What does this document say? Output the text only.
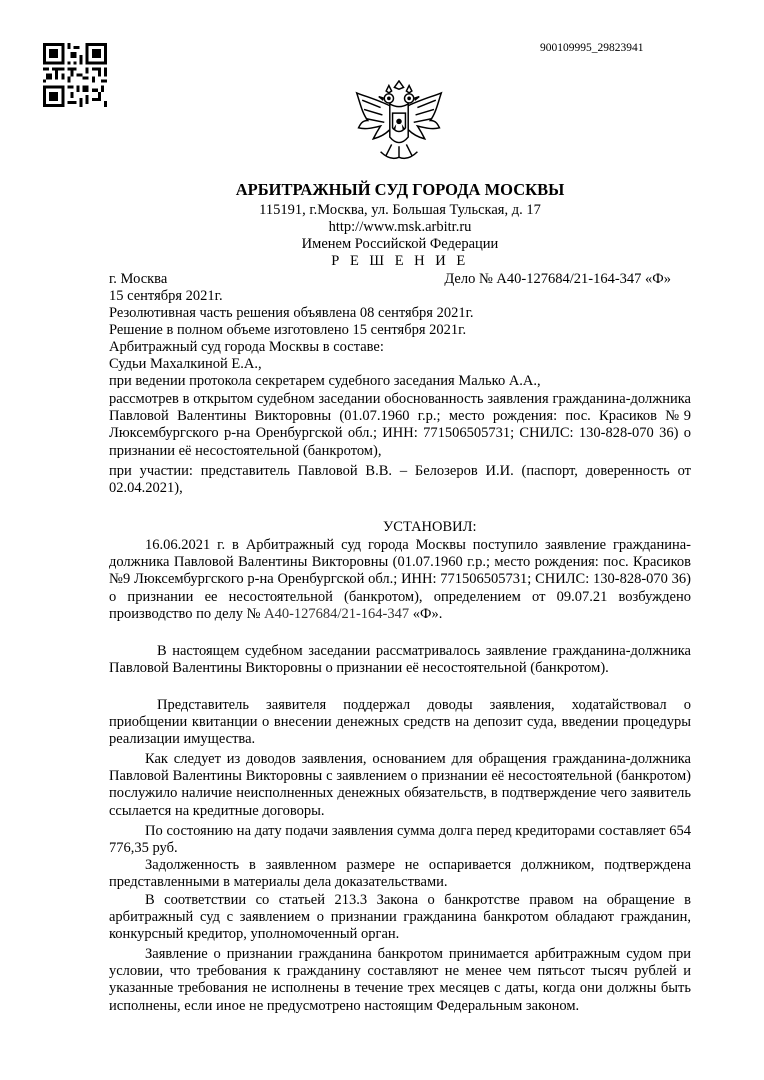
900109995_29823941
АРБИТРАЖНЫЙ СУД ГОРОДА МОСКВЫ
115191, г.Москва, ул. Большая Тульская, д. 17
http://www.msk.arbitr.ru
Именем Российской Федерации
Р Е Ш Е Н И Е
г. Москва	Дело № А40-127684/21-164-347 «Ф»
15 сентября 2021г.
Резолютивная часть решения объявлена 08 сентября 2021г.
Решение в полном объеме изготовлено 15 сентября 2021г.
Арбитражный суд города Москвы в составе:
Судьи Махалкиной Е.А.,
при ведении протокола секретарем судебного заседания Малько А.А.,
рассмотрев в открытом судебном заседании обоснованность заявления гражданина-должника Павловой Валентины Викторовны (01.07.1960 г.р.; место рождения: пос. Красиков №9 Люксембургского р-на Оренбургской обл.; ИНН: 771506505731; СНИЛС: 130-828-070 36) о признании её несостоятельной (банкротом),
при участии: представитель Павловой В.В. – Белозеров И.И. (паспорт, доверенность от 02.04.2021),
УСТАНОВИЛ:
16.06.2021 г. в Арбитражный суд города Москвы поступило заявление гражданина-должника Павловой Валентины Викторовны (01.07.1960 г.р.; место рождения: пос. Красиков №9 Люксембургского р-на Оренбургской обл.; ИНН: 771506505731; СНИЛС: 130-828-070 36) о признании ее несостоятельной (банкротом), определением от 09.07.21 возбуждено производство по делу № А40-127684/21-164-347 «Ф».
В настоящем судебном заседании рассматривалось заявление гражданина-должника Павловой Валентины Викторовны о признании её несостоятельной (банкротом).
Представитель заявителя поддержал доводы заявления, ходатайствовал о приобщении квитанции о внесении денежных средств на депозит суда, введении процедуры реализации имущества.
Как следует из доводов заявления, основанием для обращения гражданина-должника Павловой Валентины Викторовны с заявлением о признании её несостоятельной (банкротом) послужило наличие неисполненных денежных обязательств, в подтверждение чего заявитель ссылается на кредитные договоры.
По состоянию на дату подачи заявления сумма долга перед кредиторами составляет 654 776,35 руб.
Задолженность в заявленном размере не оспаривается должником, подтверждена представленными в материалы дела доказательствами.
В соответствии со статьей 213.3 Закона о банкротстве правом на обращение в арбитражный суд с заявлением о признании гражданина банкротом обладают гражданин, конкурсный кредитор, уполномоченный орган.
Заявление о признании гражданина банкротом принимается арбитражным судом при условии, что требования к гражданину составляют не менее чем пятьсот тысяч рублей и указанные требования не исполнены в течение трех месяцев с даты, когда они должны быть исполнены, если иное не предусмотрено настоящим Федеральным законом.
